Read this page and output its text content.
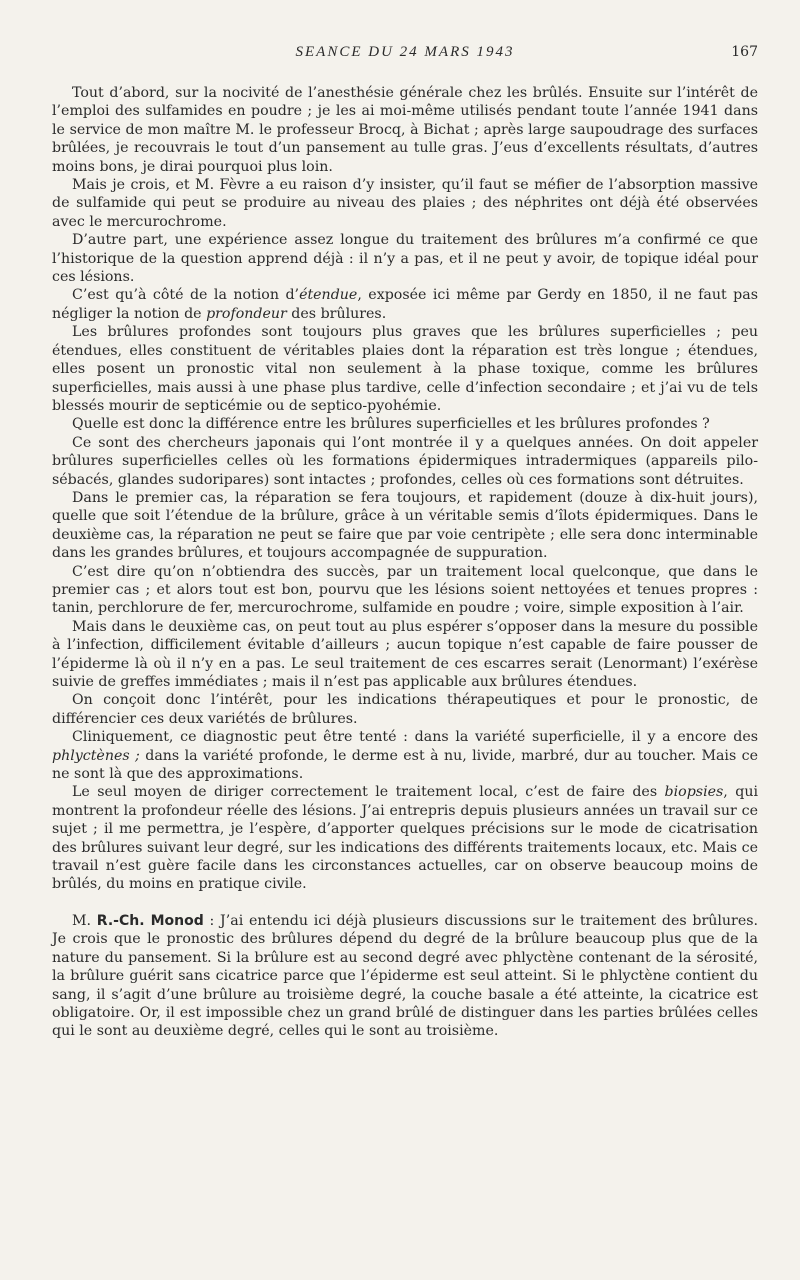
SEANCE DU 24 MARS 1943	167

Tout d’abord, sur la nocivité de l’anesthésie générale chez les brûlés. Ensuite sur l’intérêt de l’emploi des sulfamides en poudre ; je les ai moi-même utilisés pendant toute l’année 1941 dans le service de mon maître M. le professeur Brocq, à Bichat ; après large saupoudrage des surfaces brûlées, je recouvrais le tout d’un pansement au tulle gras. J’eus d’excellents résultats, d’autres moins bons, je dirai pourquoi plus loin.

Mais je crois, et M. Fèvre a eu raison d’y insister, qu’il faut se méfier de l’absorption massive de sulfamide qui peut se produire au niveau des plaies ; des néphrites ont déjà été observées avec le mercurochrome.

D’autre part, une expérience assez longue du traitement des brûlures m’a confirmé ce que l’historique de la question apprend déjà : il n’y a pas, et il ne peut y avoir, de topique idéal pour ces lésions.

C’est qu’à côté de la notion d’étendue, exposée ici même par Gerdy en 1850, il ne faut pas négliger la notion de profondeur des brûlures.

Les brûlures profondes sont toujours plus graves que les brûlures superficielles ; peu étendues, elles constituent de véritables plaies dont la réparation est très longue ; étendues, elles posent un pronostic vital non seulement à la phase toxique, comme les brûlures superficielles, mais aussi à une phase plus tardive, celle d’infection secondaire ; et j’ai vu de tels blessés mourir de septicémie ou de septico-pyohémie.

Quelle est donc la différence entre les brûlures superficielles et les brûlures profondes ?

Ce sont des chercheurs japonais qui l’ont montrée il y a quelques années. On doit appeler brûlures superficielles celles où les formations épidermiques intradermiques (appareils pilo-sébacés, glandes sudoripares) sont intactes ; profondes, celles où ces formations sont détruites.

Dans le premier cas, la réparation se fera toujours, et rapidement (douze à dix-huit jours), quelle que soit l’étendue de la brûlure, grâce à un véritable semis d’îlots épidermiques. Dans le deuxième cas, la réparation ne peut se faire que par voie centripète ; elle sera donc interminable dans les grandes brûlures, et toujours accompagnée de suppuration.

C’est dire qu’on n’obtiendra des succès, par un traitement local quelconque, que dans le premier cas ; et alors tout est bon, pourvu que les lésions soient nettoyées et tenues propres : tanin, perchlorure de fer, mercurochrome, sulfamide en poudre ; voire, simple exposition à l’air.

Mais dans le deuxième cas, on peut tout au plus espérer s’opposer dans la mesure du possible à l’infection, difficilement évitable d’ailleurs ; aucun topique n’est capable de faire pousser de l’épiderme là où il n’y en a pas. Le seul traitement de ces escarres serait (Lenormant) l’exérèse suivie de greffes immédiates ; mais il n’est pas applicable aux brûlures étendues.

On conçoit donc l’intérêt, pour les indications thérapeutiques et pour le pronostic, de différencier ces deux variétés de brûlures.

Cliniquement, ce diagnostic peut être tenté : dans la variété superficielle, il y a encore des phlyctènes ; dans la variété profonde, le derme est à nu, livide, marbré, dur au toucher. Mais ce ne sont là que des approximations.

Le seul moyen de diriger correctement le traitement local, c’est de faire des biopsies, qui montrent la profondeur réelle des lésions. J’ai entrepris depuis plusieurs années un travail sur ce sujet ; il me permettra, je l’espère, d’apporter quelques précisions sur le mode de cicatrisation des brûlures suivant leur degré, sur les indications des différents traitements locaux, etc. Mais ce travail n’est guère facile dans les circonstances actuelles, car on observe beaucoup moins de brûlés, du moins en pratique civile.

M. R.-Ch. Monod : J’ai entendu ici déjà plusieurs discussions sur le traitement des brûlures. Je crois que le pronostic des brûlures dépend du degré de la brûlure beaucoup plus que de la nature du pansement. Si la brûlure est au second degré avec phlyctène contenant de la sérosité, la brûlure guérit sans cicatrice parce que l’épiderme est seul atteint. Si le phlyctène contient du sang, il s’agit d’une brûlure au troisième degré, la couche basale a été atteinte, la cicatrice est obligatoire. Or, il est impossible chez un grand brûlé de distinguer dans les parties brûlées celles qui le sont au deuxième degré, celles qui le sont au troisième.
